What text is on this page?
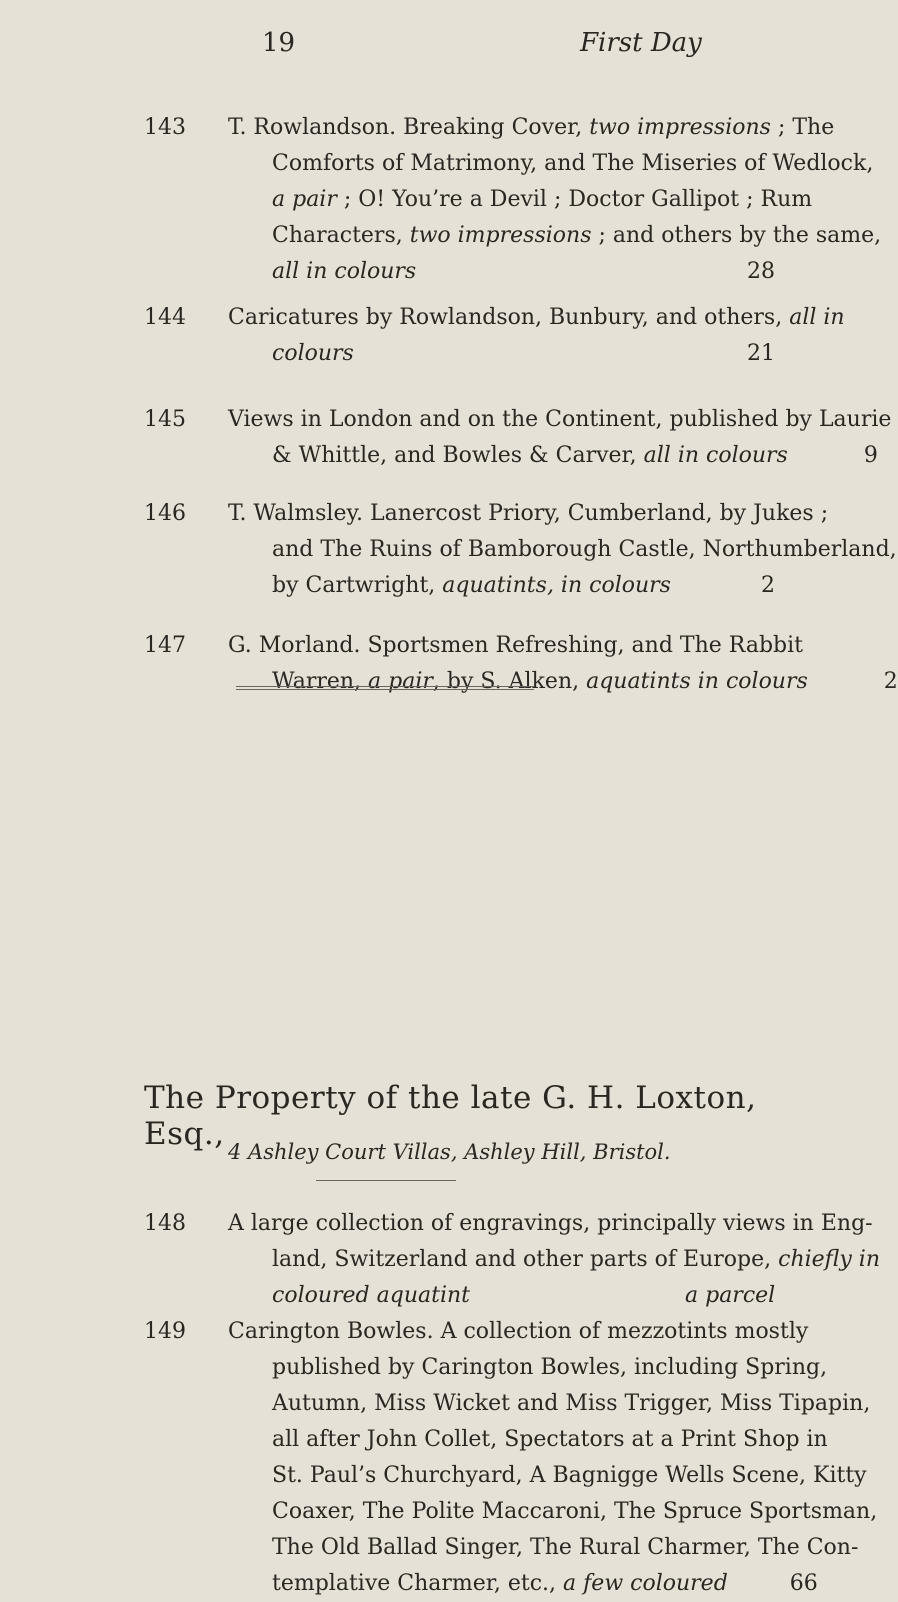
19	First Day
143 T. Rowlandson. Breaking Cover, two impressions ; The
Comforts of Matrimony, and The Miseries of Wedlock,
a pair ; O! You’re a Devil ; Doctor Gallipot ; Rum
Characters, two impressions ; and others by the same,
all in colours	28
144 Caricatures by Rowlandson, Bunbury, and others, all in
colours	21
145 Views in London and on the Continent, published by Laurie
& Whittle, and Bowles & Carver, all in colours	9
146 T. Walmsley. Lanercost Priory, Cumberland, by Jukes ;
and The Ruins of Bamborough Castle, Northumberland,
by Cartwright, aquatints, in colours	2
147 G. Morland. Sportsmen Refreshing, and The Rabbit
Warren, a pair, by S. Alken, aquatints in colours	2
The Property of the late G. H. Loxton, Esq., 4 Ashley Court Villas, Ashley Hill, Bristol.
148 A large collection of engravings, principally views in Eng-
land, Switzerland and other parts of Europe, chiefly in
coloured aquatint	a parcel
149 Carington Bowles. A collection of mezzotints mostly
published by Carington Bowles, including Spring,
Autumn, Miss Wicket and Miss Trigger, Miss Tipapin,
all after John Collet, Spectators at a Print Shop in
St. Paul’s Churchyard, A Bagnigge Wells Scene, Kitty
Coaxer, The Polite Maccaroni, The Spruce Sportsman,
The Old Ballad Singer, The Rural Charmer, The Con-
templative Charmer, etc., a few coloured	66
